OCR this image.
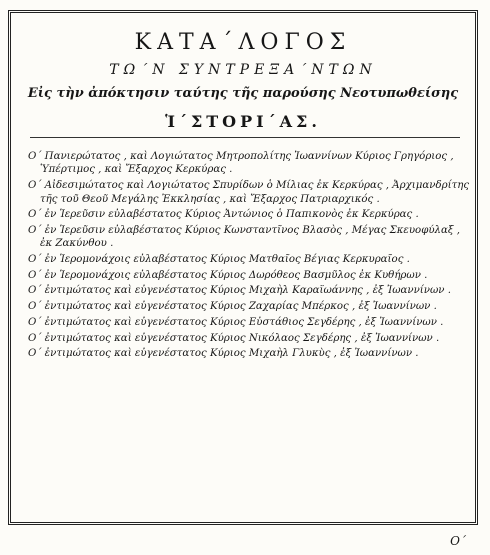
ΚΑΤΑ΄ΛΟΓΟΣ
ΤΩ΄Ν ΣΥΝΤΡΕΞΑ΄ΝΤΩΝ
Εἰς τὴν ἀπόκτησιν ταύτης τῆς παρούσης Νεοτυπωθείσης
Ἱ΄ΣΤΟΡΙ΄ΑΣ.
Ο΄ Πανιερώτατος , καὶ Λογιώτατος Μητροπολίτης Ἰωαννίνων Κύριος Γρηγόριος , Ὑπέρτιμος , καὶ Ἔξαρχος Κερκύρας .
Ο΄ Αἰδεσιμώτατος καὶ Λογιώτατος Σπυρίδων ὁ Μίλιας ἐκ Κερκύρας , Ἀρχιμανδρίτης τῆς τοῦ Θεοῦ Μεγάλης Ἐκκλησίας , καὶ Ἔξαρχος Πατριαρχικός .
Ο΄ ἐν Ἱερεῦσιν εὐλαβέστατος Κύριος Ἀντώνιος ὁ Παπικονὸς ἐκ Κερκύρας .
Ο΄ ἐν Ἱερεῦσιν εὐλαβέστατος Κύριος Κωνσταντῖνος Βλασὸς , Μέγας Σκευοφύλαξ , ἐκ Ζακύνθου .
Ο΄ ἐν Ἱερομονάχοις εὐλαβέστατος Κύριος Ματθαῖος Βέγιας Κερκυραῖος .
Ο΄ ἐν Ἱερομονάχοις εὐλαβέστατος Κύριος Δωρόθεος Βασμῦλος ἐκ Κυθήρων .
Ο΄ ἐντιμώτατος καὶ εὐγενέστατος Κύριος Μιχαὴλ Καραϊωάννης , ἐξ Ἰωαννίνων .
Ο΄ ἐντιμώτατος καὶ εὐγενέστατος Κύριος Ζαχαρίας Μπέρκος , ἐξ Ἰωαννίνων .
Ο΄ ἐντιμώτατος καὶ εὐγενέστατος Κύριος Εὐστάθιος Σεγδέρης , ἐξ Ἰωαννίνων .
Ο΄ ἐντιμώτατος καὶ εὐγενέστατος Κύριος Νικόλαος Σεγδέρης , ἐξ Ἰωαννίνων .
Ο΄ ἐντιμώτατος καὶ εὐγενέστατος Κύριος Μιχαὴλ Γλυκὺς , ἐξ Ἰωαννίνων .
Ο΄
